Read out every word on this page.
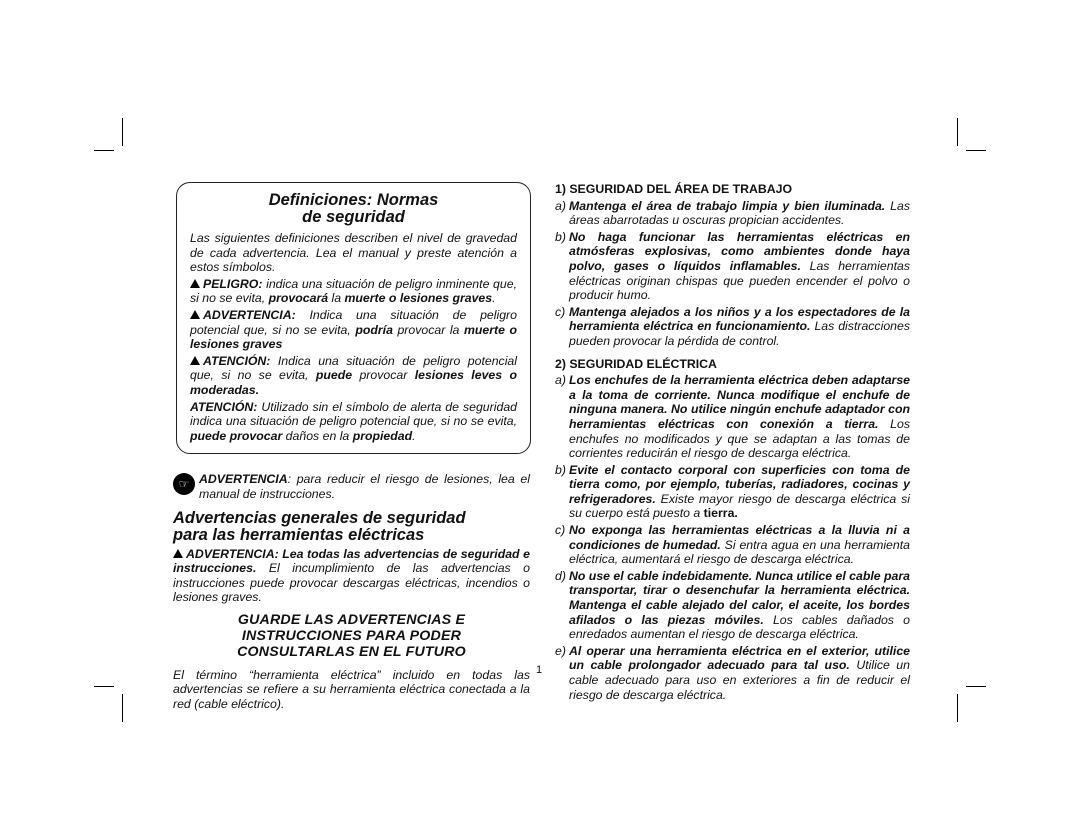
Definiciones: Normas
de seguridad

Las siguientes definiciones describen el nivel de gravedad de cada advertencia. Lea el manual y preste atención a estos símbolos.

PELIGRO: indica una situación de peligro inminente que, si no se evita, provocará la muerte o lesiones graves.

ADVERTENCIA: Indica una situación de peligro potencial que, si no se evita, podría provocar la muerte o lesiones graves

ATENCIÓN: Indica una situación de peligro potencial que, si no se evita, puede provocar lesiones leves o moderadas.

ATENCIÓN: Utilizado sin el símbolo de alerta de seguridad indica una situación de peligro potencial que, si no se evita, puede provocar daños en la propiedad.

☞ ADVERTENCIA: para reducir el riesgo de lesiones, lea el manual de instrucciones.
Advertencias generales de seguridad
para las herramientas eléctricas

ADVERTENCIA: Lea todas las advertencias de seguridad e instrucciones. El incumplimiento de las advertencias o instrucciones puede provocar descargas eléctricas, incendios o lesiones graves.

GUARDE LAS ADVERTENCIAS E
INSTRUCCIONES PARA PODER
CONSULTARLAS EN EL FUTURO

El término “herramienta eléctrica” incluido en todas las advertencias se refiere a su herramienta eléctrica conectada a la red (cable eléctrico).

1) SEGURIDAD DEL ÁREA DE TRABAJO
a) Mantenga el área de trabajo limpia y bien iluminada. Las áreas abarrotadas u oscuras propician accidentes.
b) No haga funcionar las herramientas eléctricas en atmósferas explosivas, como ambientes donde haya polvo, gases o líquidos inflamables. Las herramientas eléctricas originan chispas que pueden encender el polvo o producir humo.
c) Mantenga alejados a los niños y a los espectadores de la herramienta eléctrica en funcionamiento. Las distracciones pueden provocar la pérdida de control.
2) SEGURIDAD ELÉCTRICA
a) Los enchufes de la herramienta eléctrica deben adaptarse a la toma de corriente. Nunca modifique el enchufe de ninguna manera. No utilice ningún enchufe adaptador con herramientas eléctricas con conexión a tierra. Los enchufes no modificados y que se adaptan a las tomas de corrientes reducirán el riesgo de descarga eléctrica.
b) Evite el contacto corporal con superficies con toma de tierra como, por ejemplo, tuberías, radiadores, cocinas y refrigeradores. Existe mayor riesgo de descarga eléctrica si su cuerpo está puesto a tierra.
c) No exponga las herramientas eléctricas a la lluvia ni a condiciones de humedad. Si entra agua en una herramienta eléctrica, aumentará el riesgo de descarga eléctrica.
d) No use el cable indebidamente. Nunca utilice el cable para transportar, tirar o desenchufar la herramienta eléctrica. Mantenga el cable alejado del calor, el aceite, los bordes afilados o las piezas móviles. Los cables dañados o enredados aumentan el riesgo de descarga eléctrica.
e) Al operar una herramienta eléctrica en el exterior, utilice un cable prolongador adecuado para tal uso. Utilice un cable adecuado para uso en exteriores a fin de reducir el riesgo de descarga eléctrica.
1
